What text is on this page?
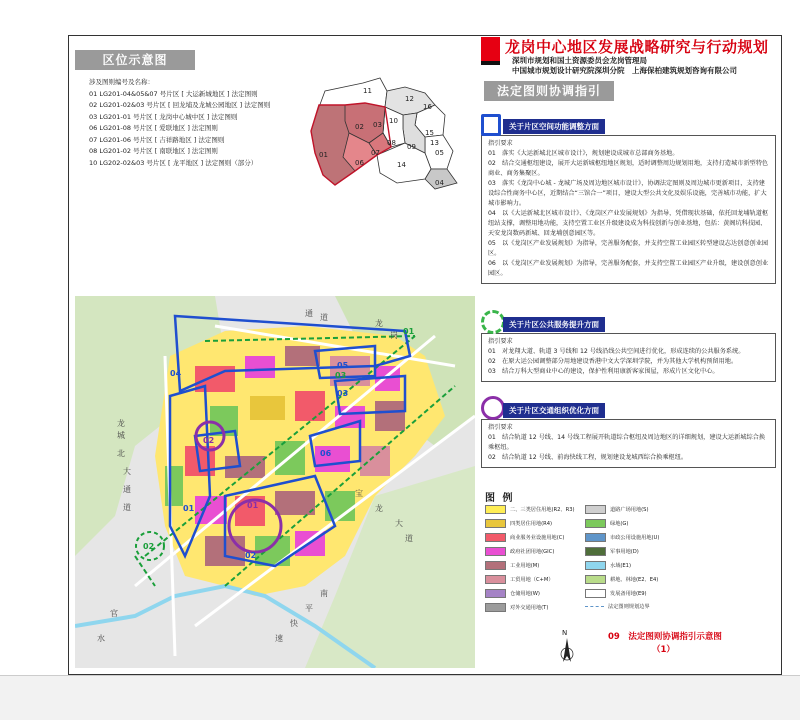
龙岗中心地区发展战略研究与行动规划
深圳市规划和国土资源委员会龙岗管理局
中国城市规划设计研究院深圳分院　上海保柏建筑规划咨询有限公司
区位示意图
涉及图则编号及名称：
01 LG201-04&05&07 号片区 [ 大运新城地区 ] 法定图则
02 LG201-02&03 号片区 [ 回龙埔及龙城公园地区 ] 法定图则
03 LG201-01 号片区 [ 龙岗中心城中区 ] 法定图则
06 LG201-08 号片区 [ 爱联地区 ] 法定图则
07 LG201-06 号片区 [ 吉祥路地区 ] 法定图则
08 LG201-02 号片区 [ 南联地区 ] 法定图则
10 LG202-02&03 号片区 [ 龙平地区 ] 法定图则（部分）
01
02 03
04
05
06
07
08 09
10
11
12
13
14
15
16
01
02
03
04
05
06
01
02
03
01
02
龙
城
北
大
通
道
宝
龙
大
道
南
平
快
速
龙
岗
通 道
官
水
法定图则协调指引
关于片区空间功能调整方面

指引要求

01　落实《大运新城北区城市设计》，规划建设成城市总部商务基地。

02　结合交通枢纽建设，展开大运新城枢纽地区规划，适时调整周边规划用地，支持打造城市新型特色商业、商务集聚区。

03　落实《龙岗中心城 - 龙城广场及周边地区城市设计》，协调法定图则及周边城市更新项目，支持建设综合性商务中心区，近期结合“三馆合一”项目，建设大型公共文化及娱乐设施，完善城市功能，扩大城市影响力。

04　以《大运新城北区城市设计》、《龙岗区产业发展规划》为指导，凭借现状基础，依托回龙埔轨道枢纽站支撑，调整用地功能，支持空置工业区升级建设成为科技创新与创业基地，包括：黄阁坑科技园、天安龙岗数码新城、回龙埔创意园区等。

05　以《龙岗区产业发展规划》为指导，完善服务配套，并支持空置工业园区转型建设志达创意创业园区。

06　以《龙岗区产业发展规划》为指导，完善服务配套，并支持空置工业园区产业升级，建设创意创业园区。

关于片区公共服务提升方面

指引要求

01　对龙翔大道、轨道 3 号线和 12 号线沿线公共空间进行优化，形成连续的公共服务系统。

02　在原大运公园调整部分用地建设香港中文大学深圳学院，并为其他大学机构预留用地。

03　结合万科大型商业中心的建设，保护性利用康新客家围屋，形成片区文化中心。

关于片区交通组织优化方面

指引要求

01　结合轨道 12 号线、14 号线工程展开轨道综合枢纽及周边地区的详细规划，建设大运新城综合换乘枢纽。

02　结合轨道 12 号线、前海快线工程，规划建设龙城西综合换乘枢纽。

图 例
二、三类居住用地(R2、R3)
四类居住用地(R4)
商业服务业设施用地(C)
政府社团用地(GIC)
工业用地(M)
工贸用地（C+M）
仓储用地(W)
对外交通用地(T)
道路广场用地(S)
绿地(G)
市政公用设施用地(U)
军事用地(D)
水域(E1)
耕地、林地(E2、E4)
发展备用地(E9)
法定图则规划边界
N	09　法定图则协调指引示意图
（1）
